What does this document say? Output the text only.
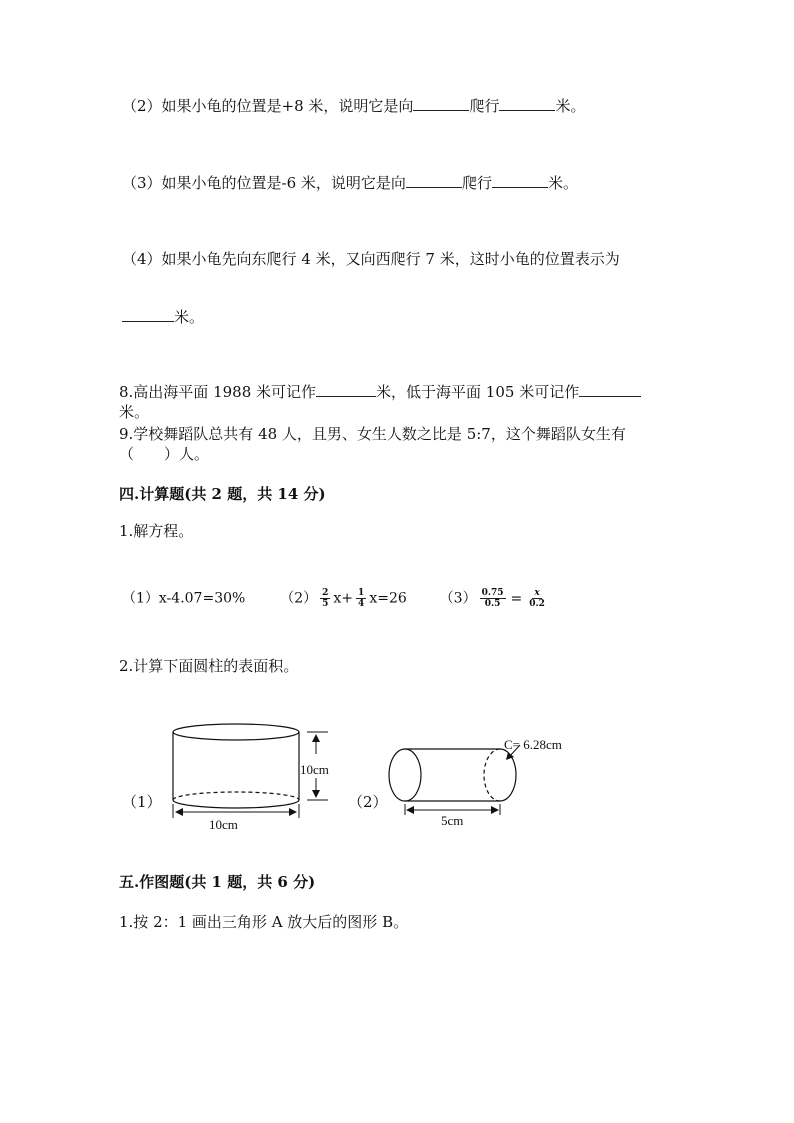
（2）如果小龟的位置是+8 米，说明它是向	爬行	米。
（3）如果小龟的位置是-6 米，说明它是向	爬行	米。
（4）如果小龟先向东爬行 4 米，又向西爬行 7 米，这时小龟的位置表示为
米。
8.高出海平面 1988 米可记作	米，低于海平面 105 米可记作
米。
9.学校舞蹈队总共有 48 人，且男、女生人数之比是 5:7，这个舞蹈队女生有
（　　）人。
四.计算题(共 2 题，共 14 分)
1.解方程。
（1）x-4.07=30% $(2) \frac{2}{5} x+ \frac{1}{4} x=26$ $(3) \frac{0.75}{0.5} = \frac{x}{0.2}$
2.计算下面圆柱的表面积。
（1）
10cm
10cm
（2）
C= 6.28cm
5cm
五.作图题(共 1 题，共 6 分)
1.按 2：1 画出三角形 A 放大后的图形 B。
